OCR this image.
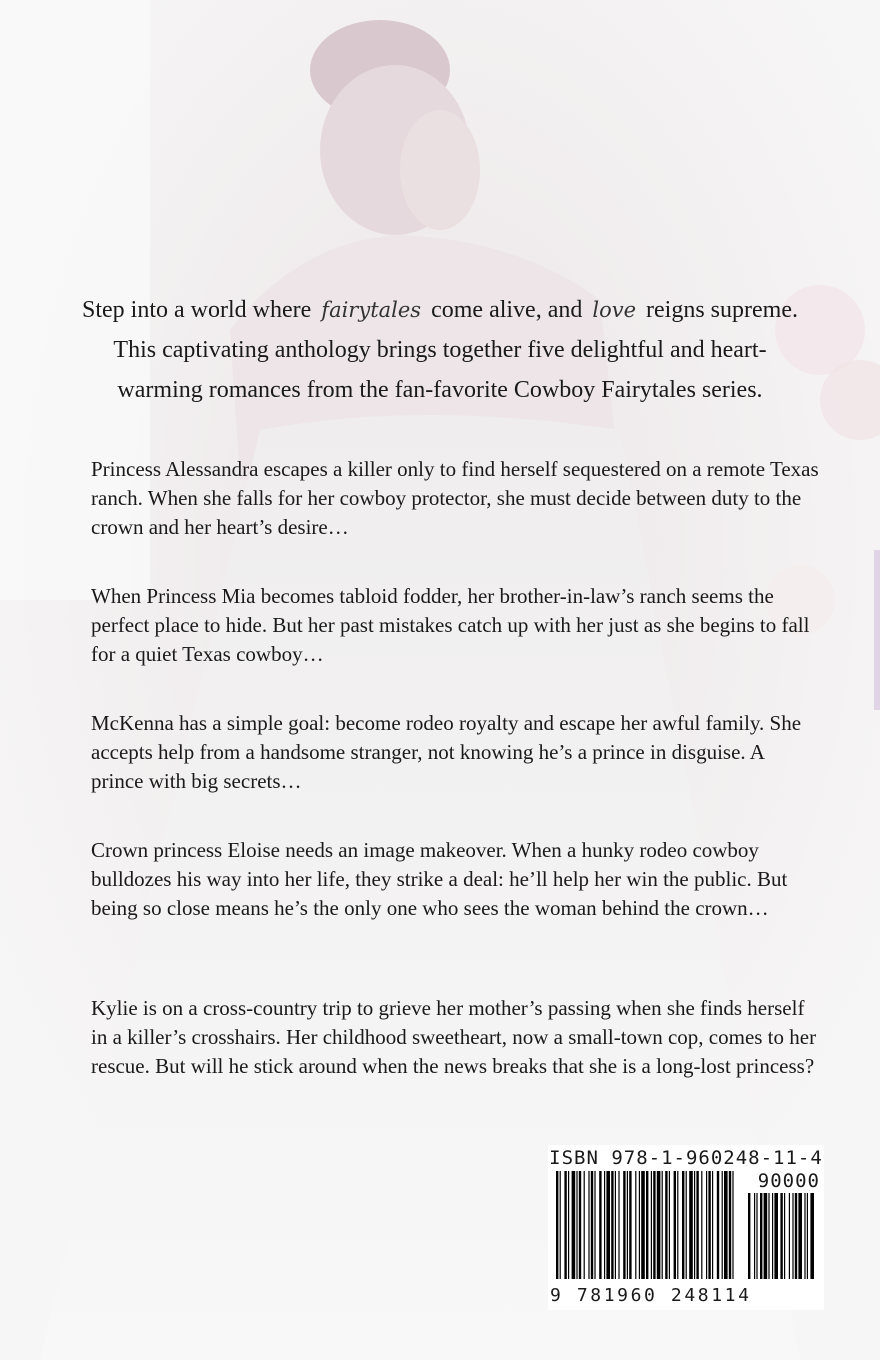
Step into a world where fairytales come alive, and love reigns supreme.
This captivating anthology brings together five delightful and heart-
warming romances from the fan-favorite Cowboy Fairytales series.

Princess Alessandra escapes a killer only to find herself sequestered on a remote Texas ranch. When she falls for her cowboy protector, she must decide between duty to the crown and her heart’s desire…

When Princess Mia becomes tabloid fodder, her brother-in-law’s ranch seems the perfect place to hide. But her past mistakes catch up with her just as she begins to fall for a quiet Texas cowboy…

McKenna has a simple goal: become rodeo royalty and escape her awful family. She accepts help from a handsome stranger, not knowing he’s a prince in disguise. A prince with big secrets…

Crown princess Eloise needs an image makeover. When a hunky rodeo cowboy bulldozes his way into her life, they strike a deal: he’ll help her win the public. But being so close means he’s the only one who sees the woman behind the crown…

Kylie is on a cross-country trip to grieve her mother’s passing when she finds herself in a killer’s crosshairs. Her childhood sweetheart, now a small-town cop, comes to her rescue. But will he stick around when the news breaks that she is a long-lost princess?

ISBN 978-1-960248-11-4
90000
9 781960 248114
